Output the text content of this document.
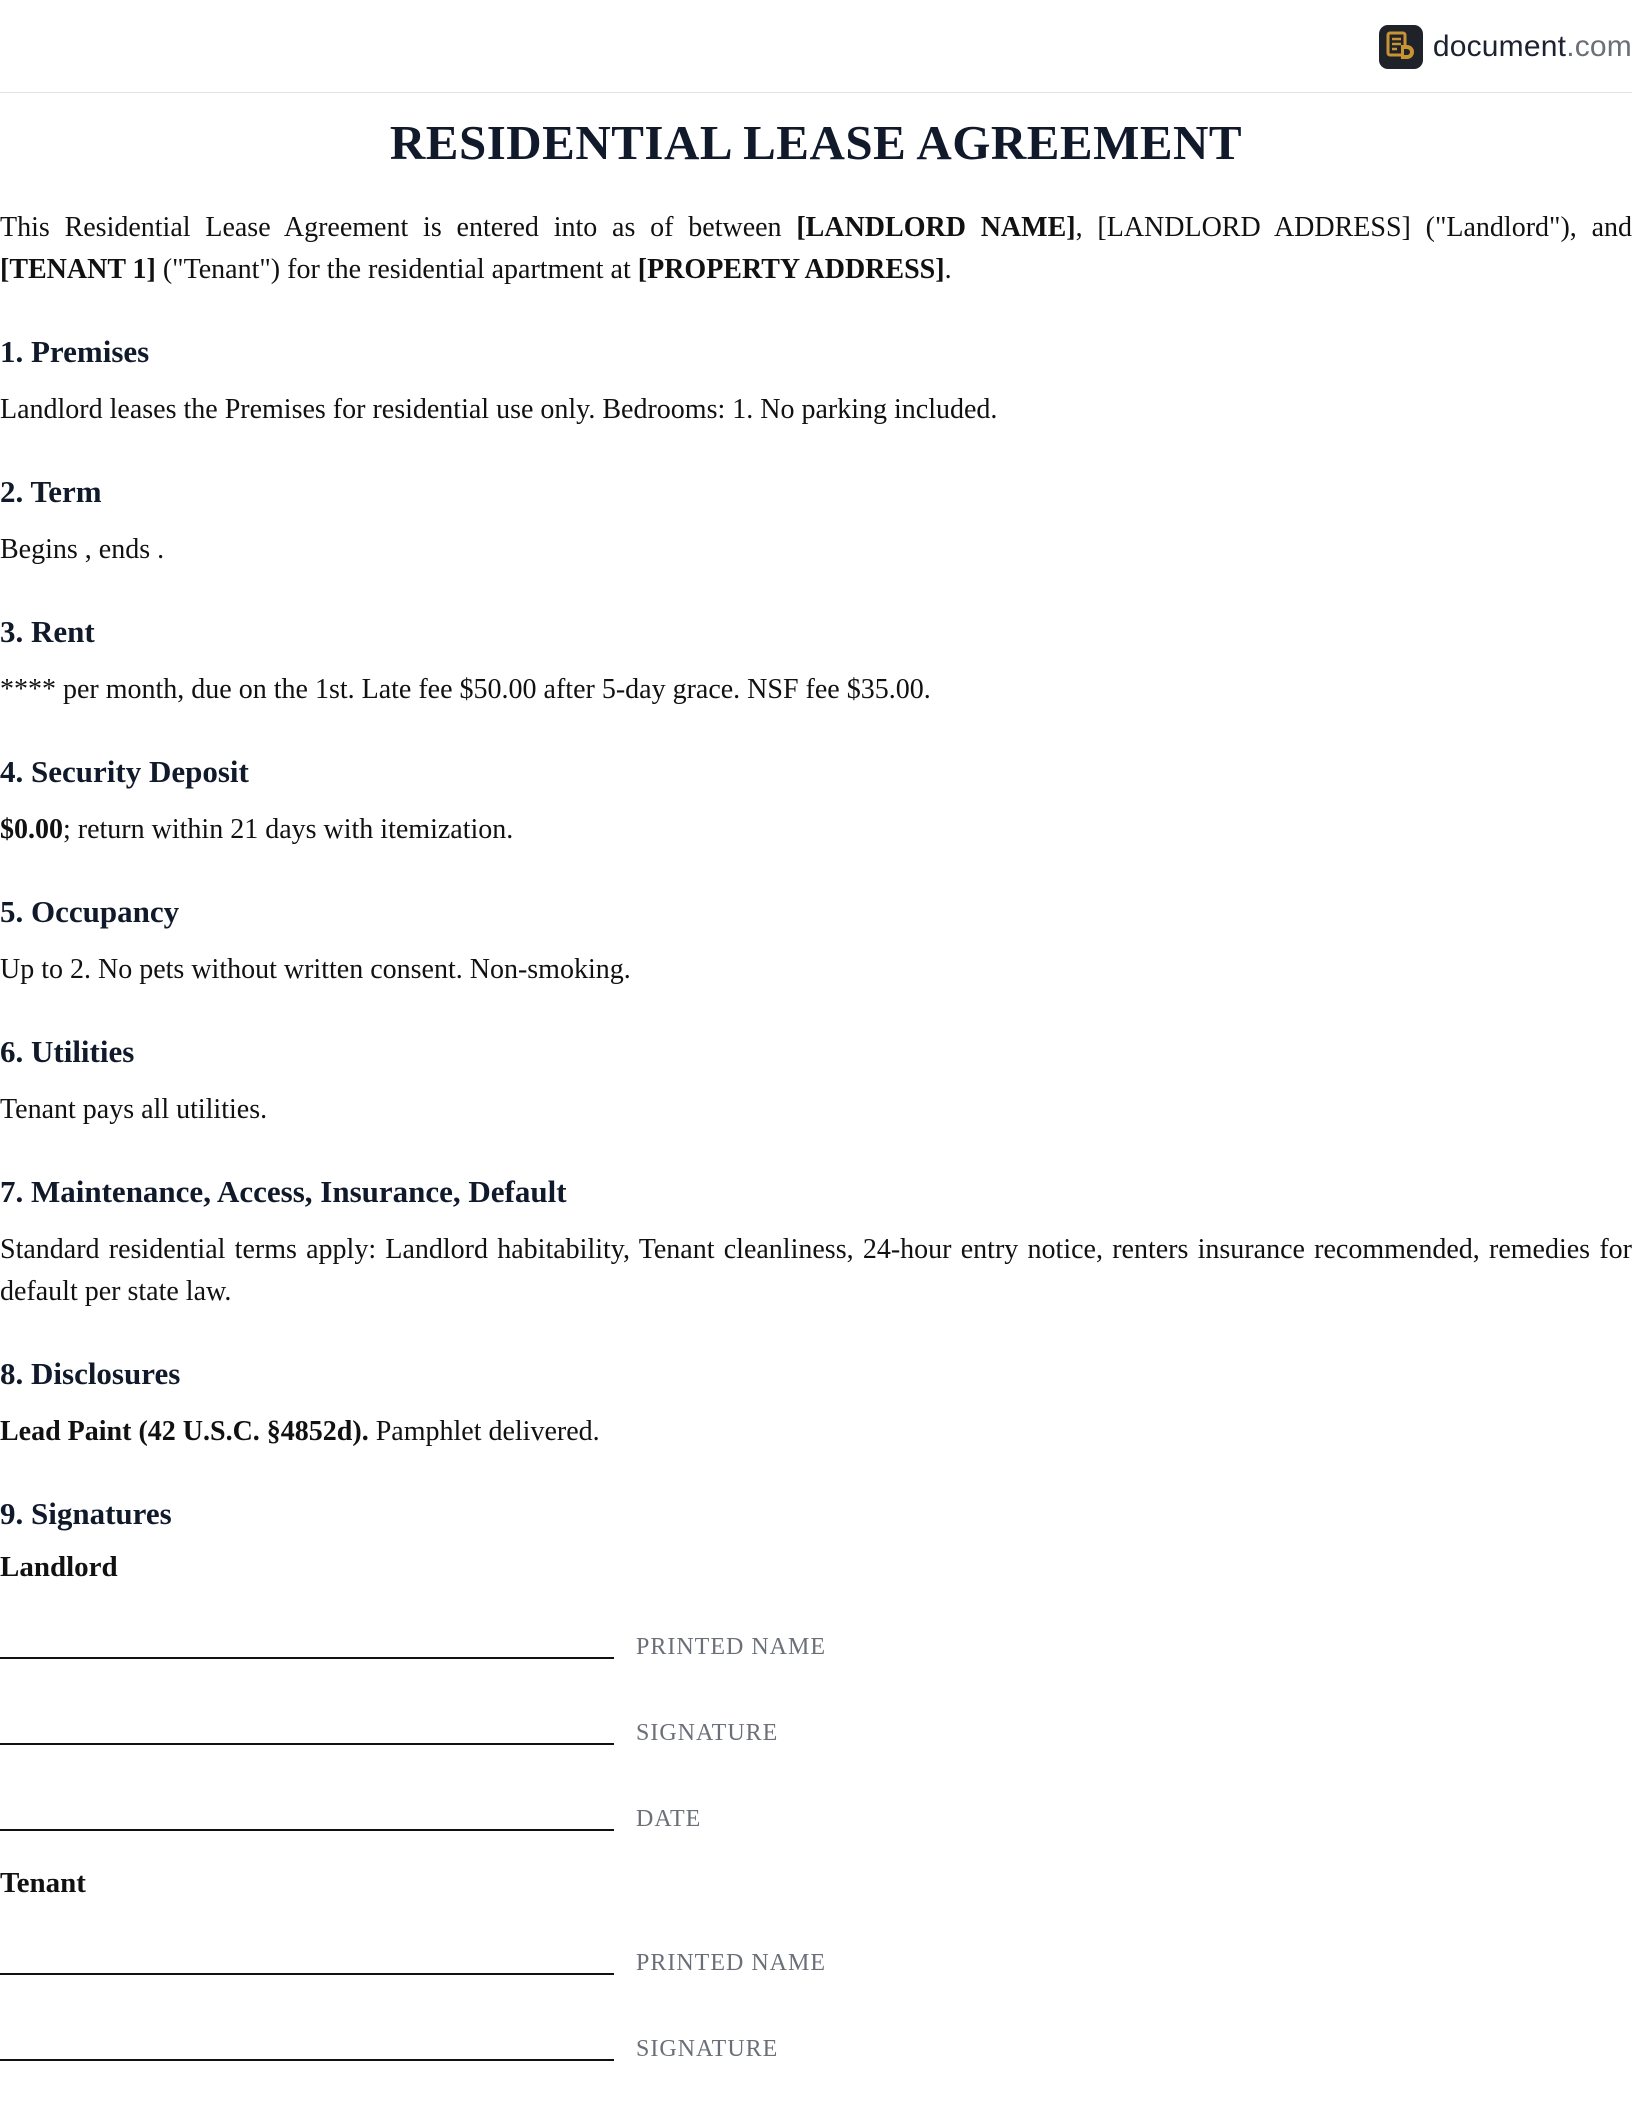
document.com
RESIDENTIAL LEASE AGREEMENT

This Residential Lease Agreement is entered into as of between [LANDLORD NAME], [LANDLORD ADDRESS] ("Landlord"), and [TENANT 1] ("Tenant") for the residential apartment at [PROPERTY ADDRESS].

1. Premises

Landlord leases the Premises for residential use only. Bedrooms: 1. No parking included.

2. Term

Begins , ends .

3. Rent

**** per month, due on the 1st. Late fee $50.00 after 5-day grace. NSF fee $35.00.

4. Security Deposit

$0.00; return within 21 days with itemization.

5. Occupancy

Up to 2. No pets without written consent. Non-smoking.

6. Utilities

Tenant pays all utilities.

7. Maintenance, Access, Insurance, Default

Standard residential terms apply: Landlord habitability, Tenant cleanliness, 24-hour entry notice, renters insurance recommended, remedies for default per state law.

8. Disclosures

Lead Paint (42 U.S.C. §4852d). Pamphlet delivered.

9. Signatures
Landlord
PRINTED NAME
SIGNATURE
DATE
Tenant
PRINTED NAME
SIGNATURE
